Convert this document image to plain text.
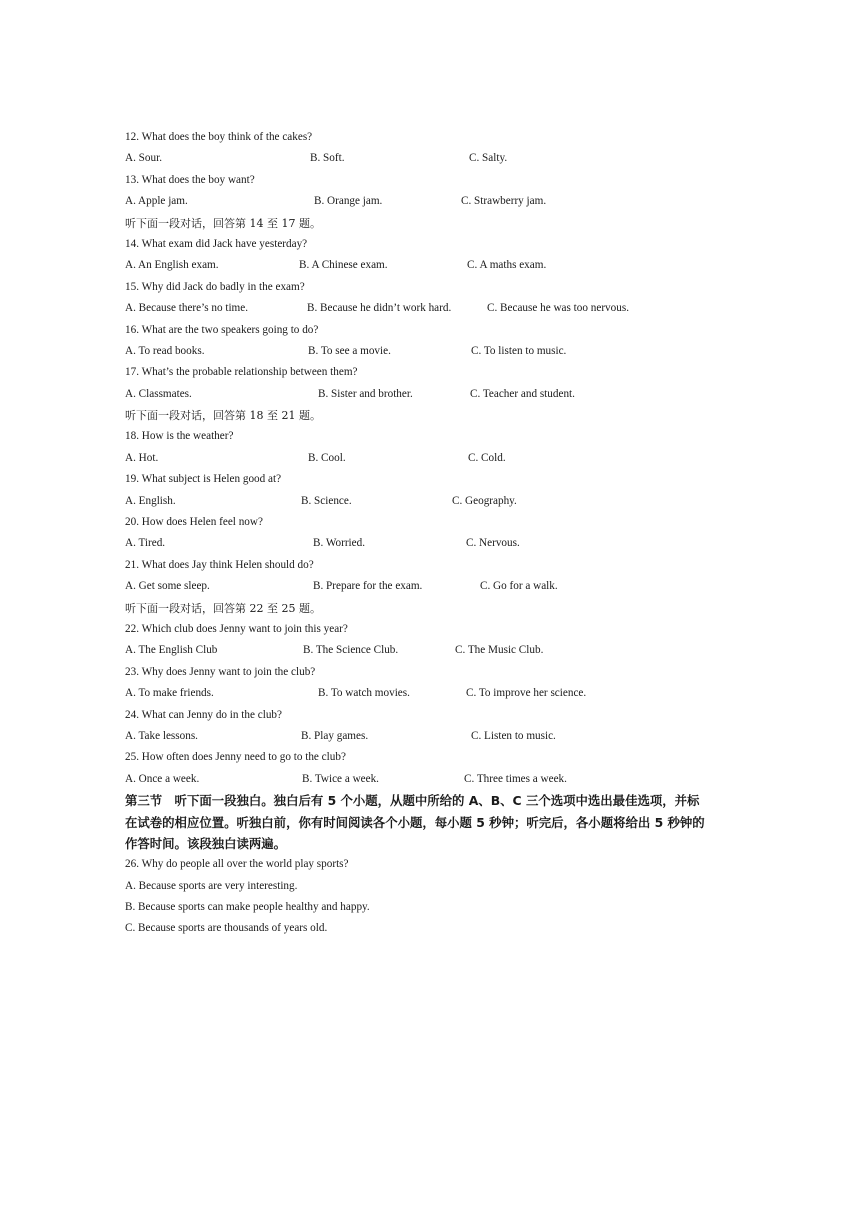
12. What does the boy think of the cakes?
A. Sour.	B. Soft.	C. Salty.
13. What does the boy want?
A. Apple jam.	B. Orange jam.	C. Strawberry jam.
听下面一段对话，回答第 14 至 17 题。
14. What exam did Jack have yesterday?
A. An English exam.	B. A Chinese exam.	C. A maths exam.
15. Why did Jack do badly in the exam?
A. Because there’s no time.	B. Because he didn’t work hard.	C. Because he was too nervous.
16. What are the two speakers going to do?
A. To read books.	B. To see a movie.	C. To listen to music.
17. What’s the probable relationship between them?
A. Classmates.	B. Sister and brother.	C. Teacher and student.
听下面一段对话，回答第 18 至 21 题。
18. How is the weather?
A. Hot.	B. Cool.	C. Cold.
19. What subject is Helen good at?
A. English.	B. Science.	C. Geography.
20. How does Helen feel now?
A. Tired.	B. Worried.	C. Nervous.
21. What does Jay think Helen should do?
A. Get some sleep.	B. Prepare for the exam.	C. Go for a walk.
听下面一段对话，回答第 22 至 25 题。
22. Which club does Jenny want to join this year?
A. The English Club	B. The Science Club.	C. The Music Club.
23. Why does Jenny want to join the club?
A. To make friends.	B. To watch movies.	C. To improve her science.
24. What can Jenny do in the club?
A. Take lessons.	B. Play games.	C. Listen to music.
25. How often does Jenny need to go to the club?
A. Once a week.	B. Twice a week.	C. Three times a week.
第三节　听下面一段独白。独白后有 5 个小题，从题中所给的 A、B、C 三个选项中选出最佳选项，并标在试卷的相应位置。听独白前，你有时间阅读各个小题，每小题 5 秒钟；听完后，各小题将给出 5 秒钟的作答时间。该段独白读两遍。
26. Why do people all over the world play sports?
A. Because sports are very interesting.
B. Because sports can make people healthy and happy.
C. Because sports are thousands of years old.
